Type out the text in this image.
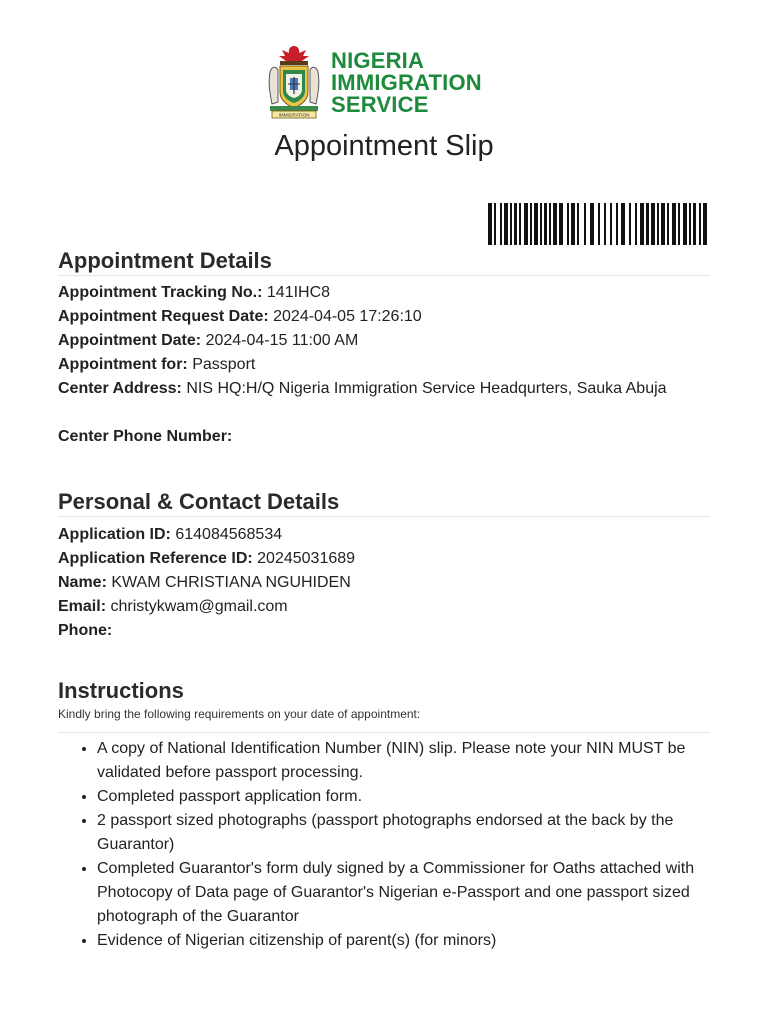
IMMIGRATION
NIGERIA
IMMIGRATION
SERVICE
Appointment Slip
Appointment Details
Appointment Tracking No.: 141IHC8
Appointment Request Date: 2024-04-05 17:26:10
Appointment Date: 2024-04-15 11:00 AM
Appointment for: Passport
Center Address: NIS HQ:H/Q Nigeria Immigration Service Headqurters, Sauka Abuja
Center Phone Number:
Personal & Contact Details
Application ID: 614084568534
Application Reference ID: 20245031689
Name: KWAM CHRISTIANA NGUHIDEN
Email: christykwam@gmail.com
Phone:
Instructions
Kindly bring the following requirements on your date of appointment:
• A copy of National Identification Number (NIN) slip. Please note your NIN MUST be validated before passport processing.
• Completed passport application form.
• 2 passport sized photographs (passport photographs endorsed at the back by the Guarantor)
• Completed Guarantor's form duly signed by a Commissioner for Oaths attached with Photocopy of Data page of Guarantor's Nigerian e-Passport and one passport sized photograph of the Guarantor
• Evidence of Nigerian citizenship of parent(s) (for minors)
